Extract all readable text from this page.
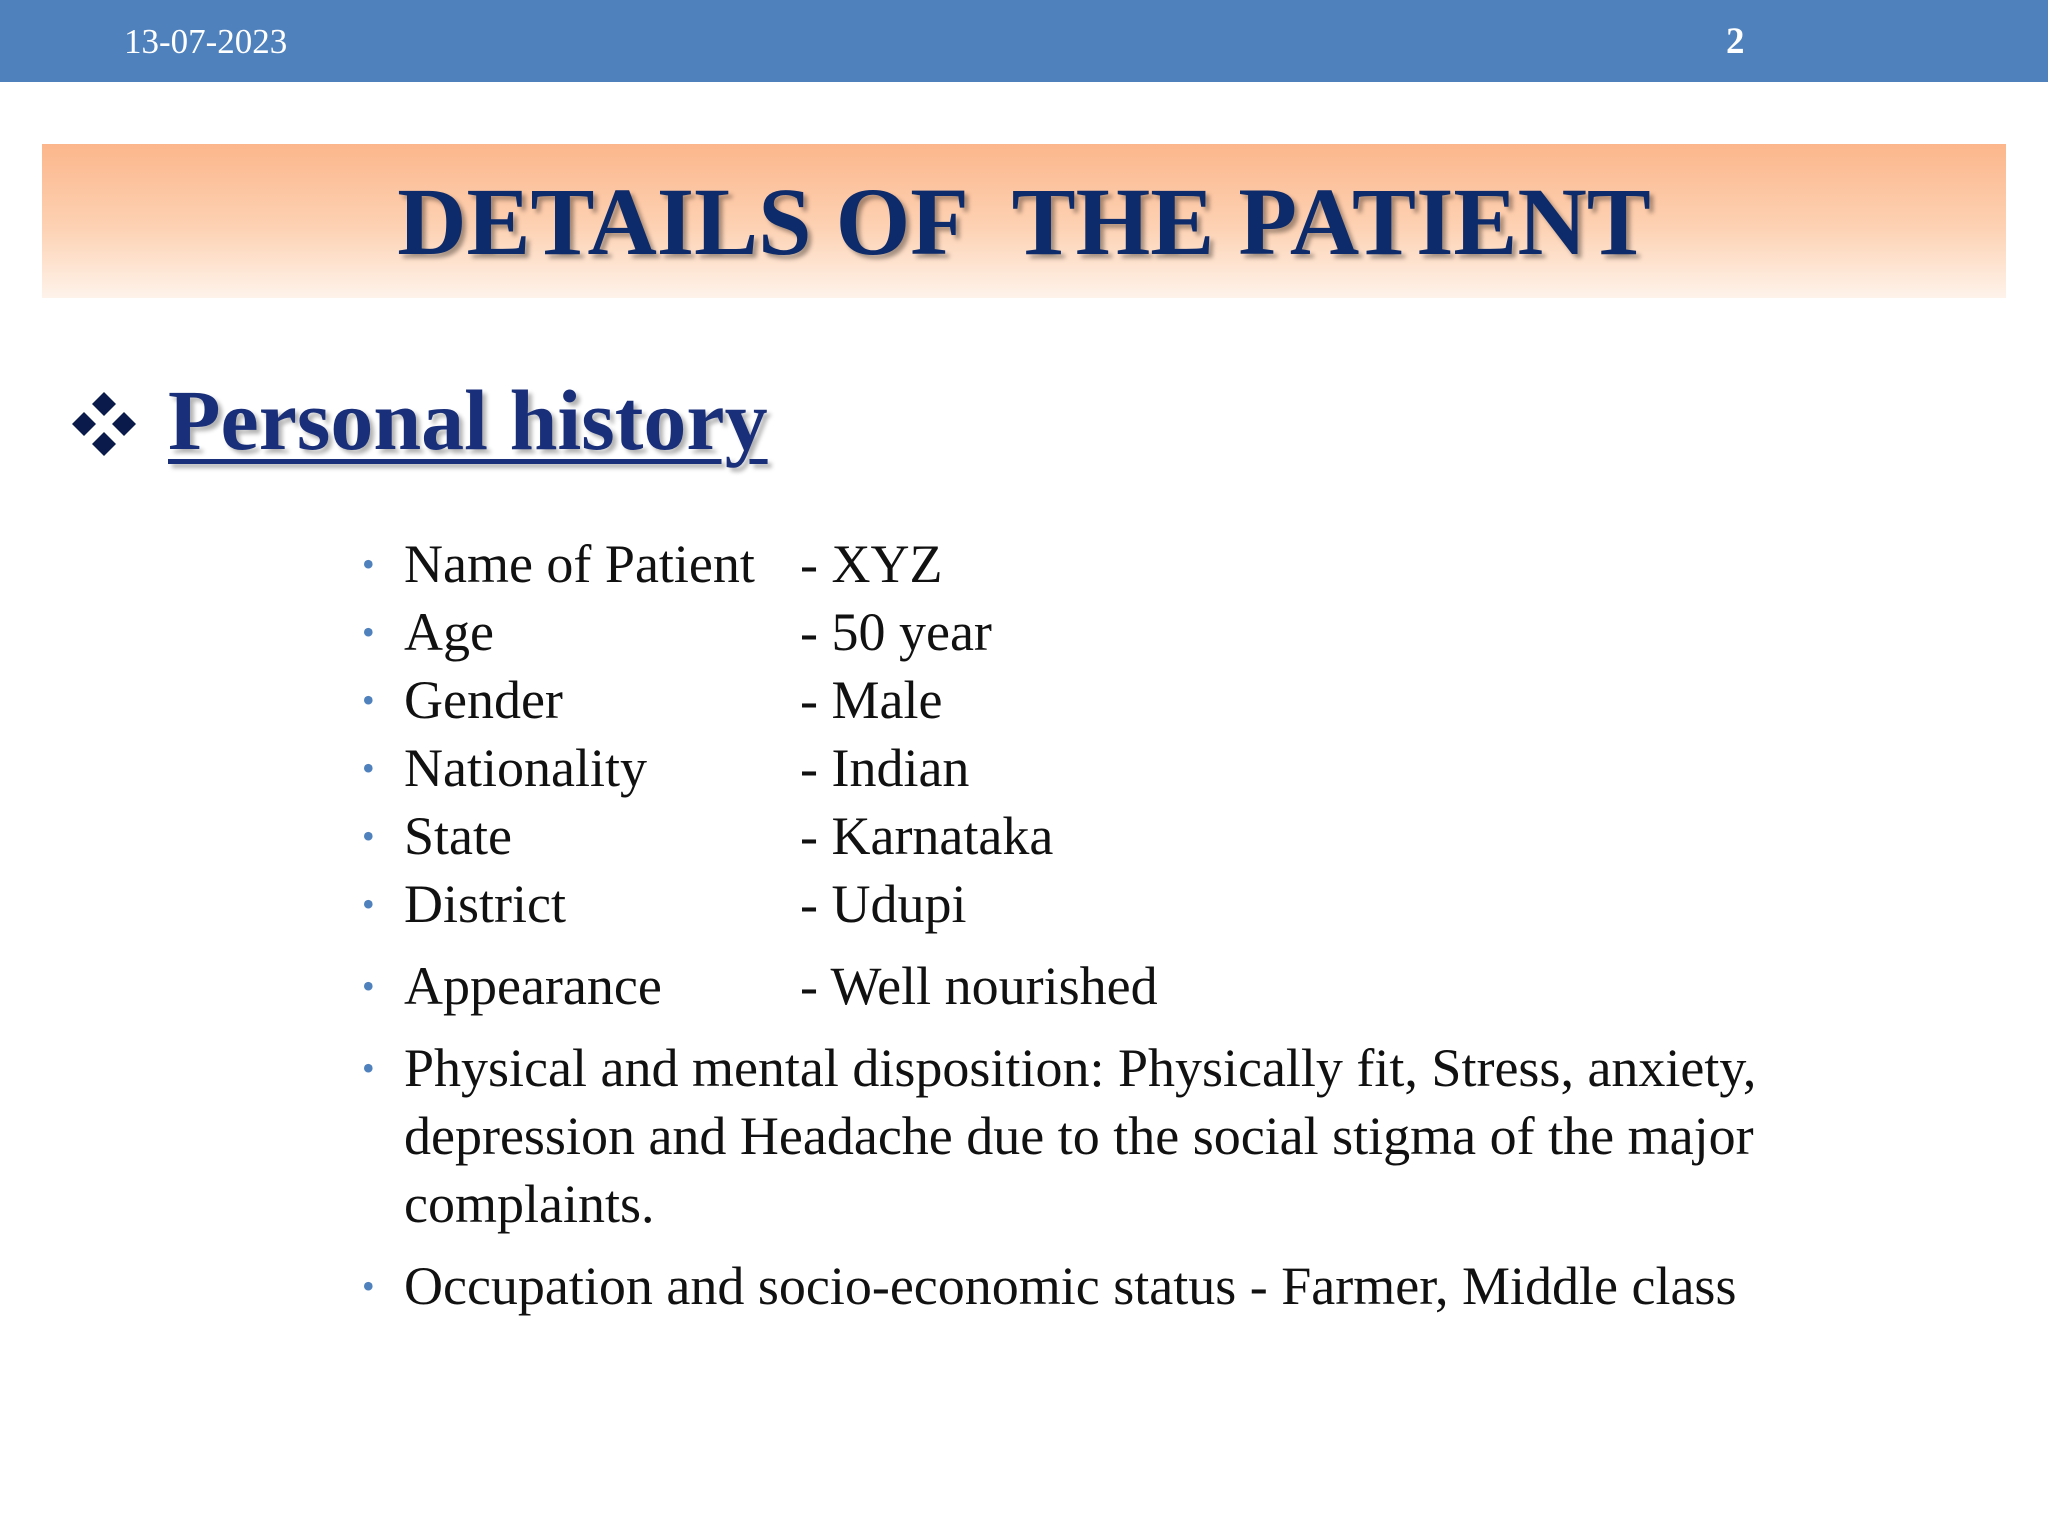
13-07-2023	2
DETAILS OF  THE PATIENT
Personal history
• Name of Patient - XYZ
• Age	- 50 year
• Gender	- Male
• Nationality	- Indian
• State	- Karnataka
• District	- Udupi
• Appearance	- Well nourished
• Physical and mental disposition: Physically fit, Stress, anxiety, depression and Headache due to the social stigma of the major complaints.
• Occupation and socio-economic status - Farmer, Middle class
